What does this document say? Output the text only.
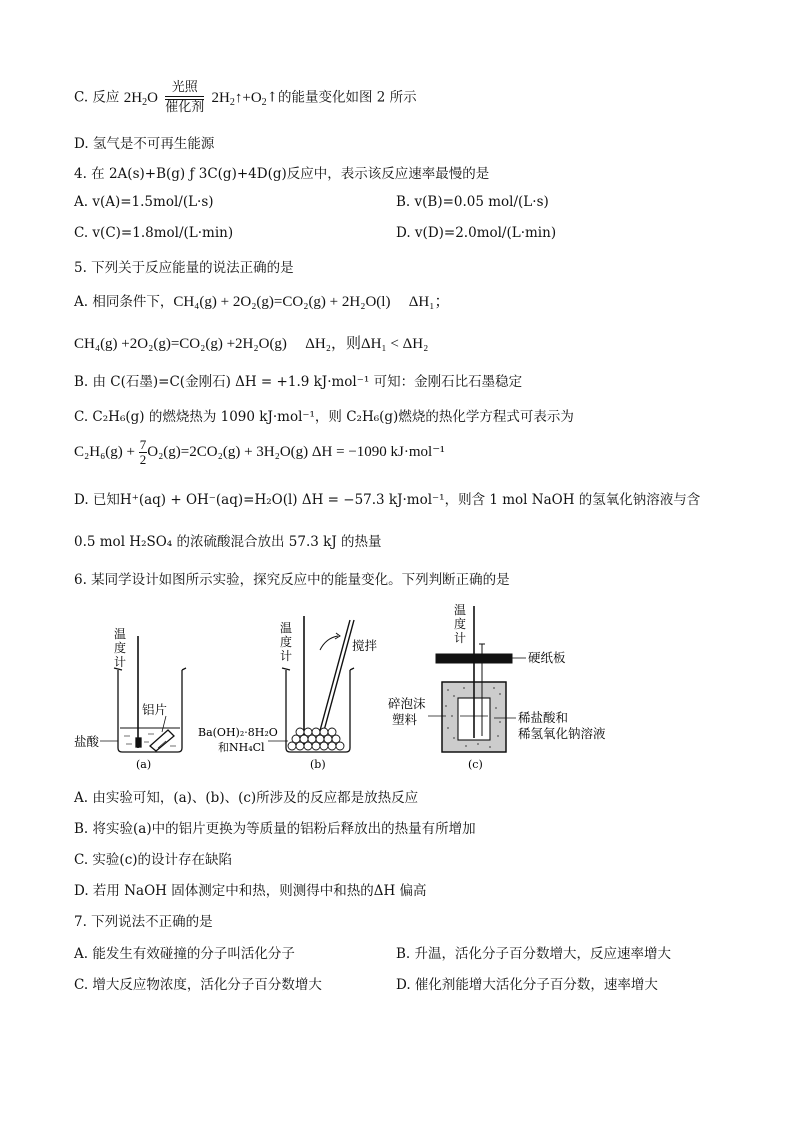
C. 反应 $2H_2O$
光照
催化剂
$2H_2↑+O_2↑$的能量变化如图 2 所示
D. 氢气是不可再生能源
4. 在 2A(s)+B(g) ƒ 3C(g)+4D(g)反应中，表示该反应速率最慢的是
A. v(A)=1.5mol/(L·s)	B. v(B)=0.05 mol/(L·s)
C. v(C)=1.8mol/(L·min)	D. v(D)=2.0mol/(L·min)
5. 下列关于反应能量的说法正确的是
A. 相同条件下，CH₄(g) + 2O₂(g)=CO₂(g) + 2H₂O(l) ΔH₁；
CH₄(g) +2O₂(g)=CO₂(g) +2H₂O(g) ΔH₂，则ΔH₁ < ΔH₂
B. 由 C(石墨)=C(金刚石) ΔH = +1.9 kJ·mol⁻¹ 可知：金刚石比石墨稳定
C. C₂H₆(g) 的燃烧热为 1090 kJ·mol⁻¹，则 C₂H₆(g)燃烧的热化学方程式可表示为
$C_2H_6(g) + \frac{7}{2} O_2(g)=2CO_2(g) + 3H_2O(g) \Delta H = -1090$ kJ·mol⁻¹
D. 已知H⁺(aq) + OH⁻(aq)=H₂O(l) ΔH = −57.3 kJ·mol⁻¹，则含 1 mol NaOH 的氢氧化钠溶液与含
0.5 mol H₂SO₄ 的浓硫酸混合放出 57.3 kJ 的热量
6. 某同学设计如图所示实验，探究反应中的能量变化。下列判断正确的是
温
度
计
铝片
盐酸
(a)
温
度
计
搅拌
Ba(OH)₂·8H₂O
和NH₄Cl
(b)
温
度
计
硬纸板
碎泡沫
塑料	稀盐酸和
稀氢氧化钠溶液
(c)
A. 由实验可知，(a)、(b)、(c)所涉及的反应都是放热反应
B. 将实验(a)中的铝片更换为等质量的铝粉后释放出的热量有所增加
C. 实验(c)的设计存在缺陷
D. 若用 NaOH 固体测定中和热，则测得中和热的ΔH 偏高
7. 下列说法不正确的是
A. 能发生有效碰撞的分子叫活化分子	B. 升温，活化分子百分数增大，反应速率增大
C. 增大反应物浓度，活化分子百分数增大	D. 催化剂能增大活化分子百分数，速率增大
